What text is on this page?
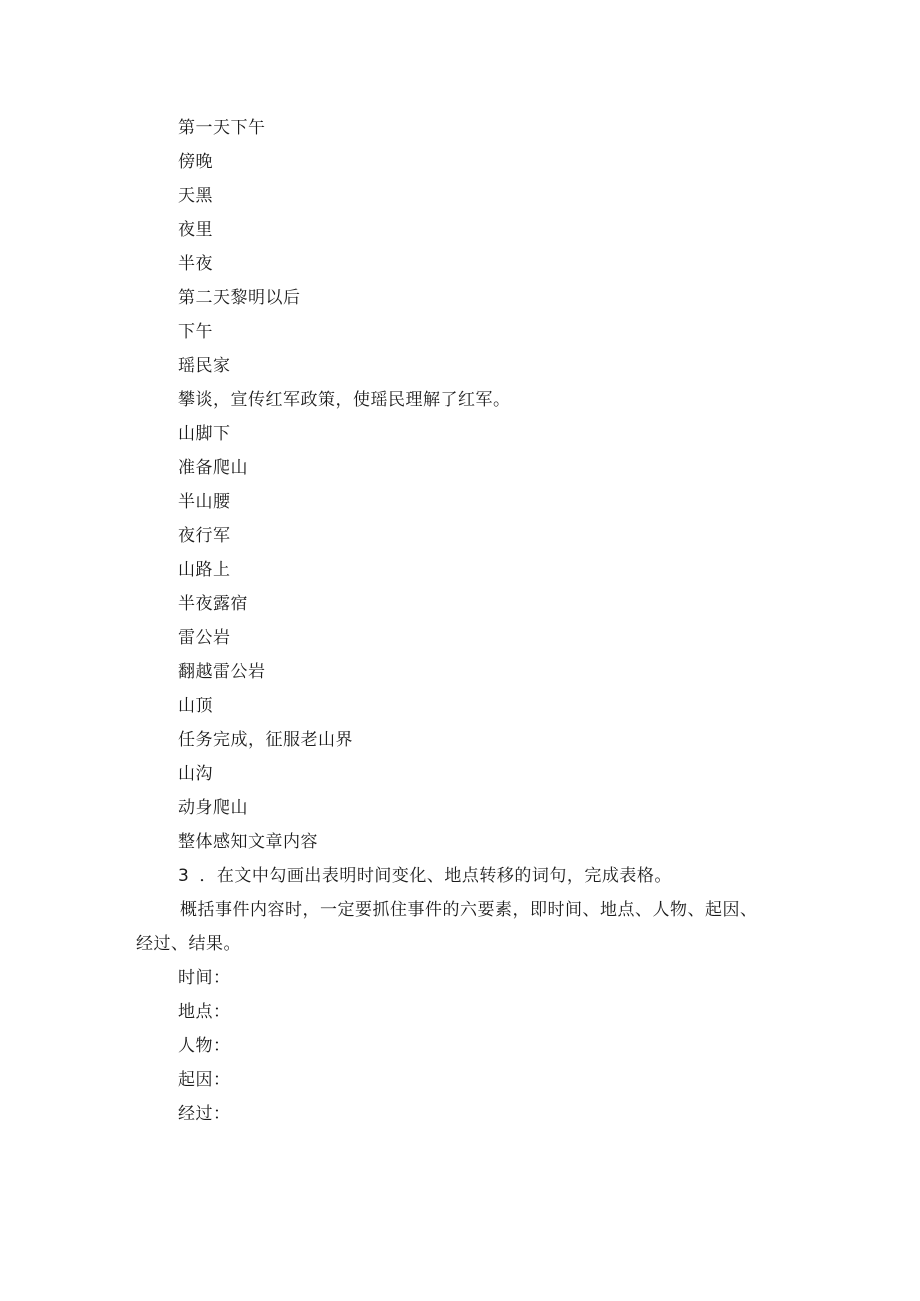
第一天下午
傍晚
天黑
夜里
半夜
第二天黎明以后
下午
瑶民家
攀谈，宣传红军政策，使瑶民理解了红军。
山脚下
准备爬山
半山腰
夜行军
山路上
半夜露宿
雷公岩
翻越雷公岩
山顶
任务完成，征服老山界
山沟
动身爬山
整体感知文章内容
3 ．在文中勾画出表明时间变化、地点转移的词句，完成表格。
概括事件内容时，一定要抓住事件的六要素，即时间、地点、人物、起因、
经过、结果。
时间：
地点：
人物：
起因：
经过：
